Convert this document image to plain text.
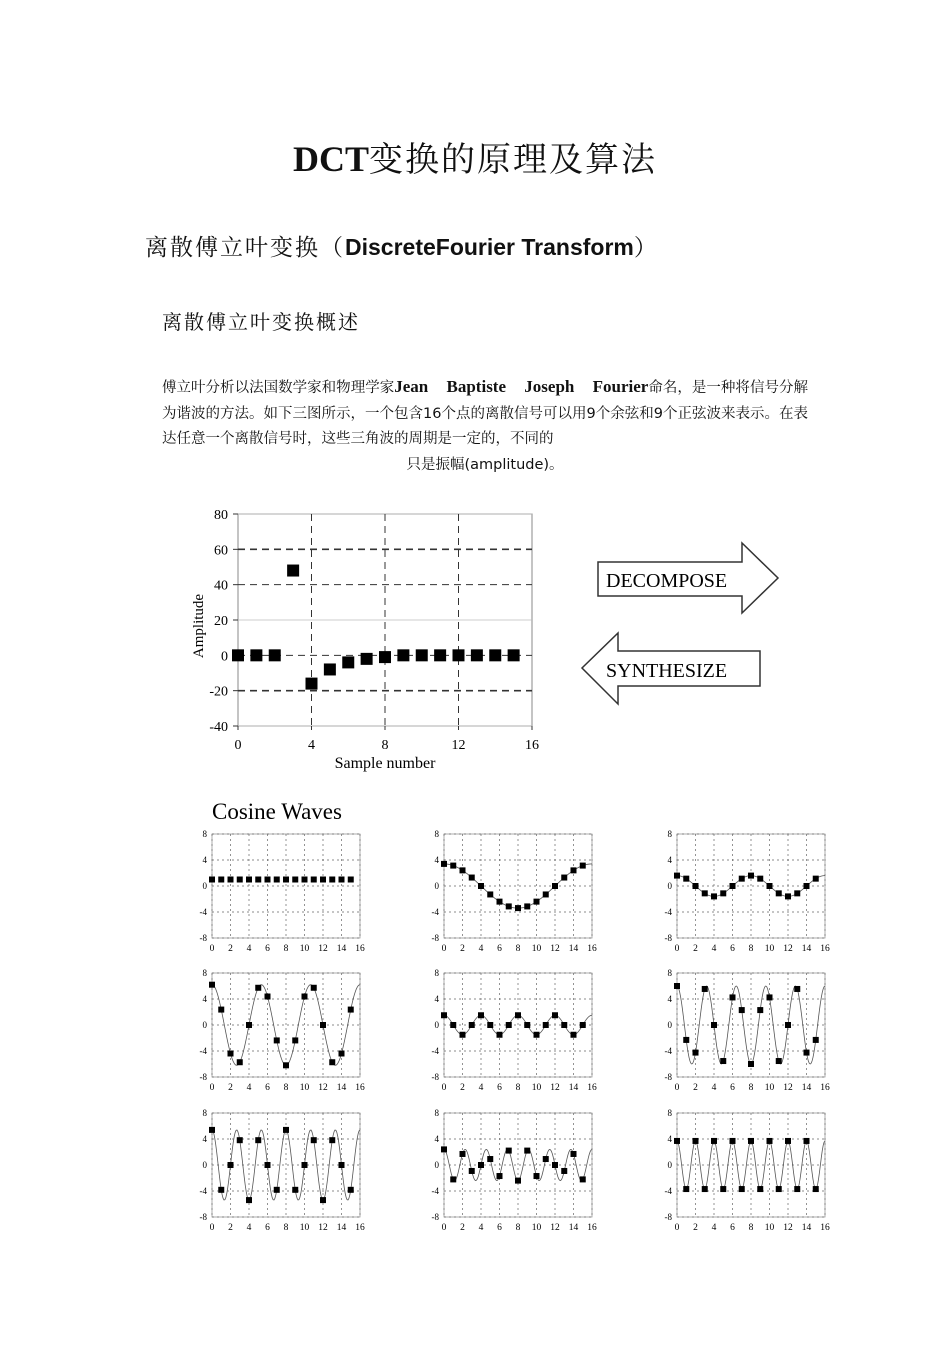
DCT变换的原理及算法
离散傅立叶变换（DiscreteFourier Transform）
离散傅立叶变换概述
傅立叶分析以法国数学家和物理学家Jean Baptiste Joseph Fourier命名，是一种将信号分解为谐波的方法。如下三图所示，一个包含16个点的离散信号可以用9个余弦和9个正弦波来表示。在表达任意一个离散信号时，这些三角波的周期是一定的，不同的
只是振幅(amplitude)。
80
60
40
20
0
-20
-40
0	4	8	12	16
Sample number
Amplitude
DECOMPOSE
SYNTHESIZE
Cosine Waves
8
4
0
-4
-8
0 2 4 6 8 10 12 14 16
8
4
0
-4
-8
0 2 4 6 8 10 12 14 16
8
4
0
-4
-8
0 2 4 6 8 10 12 14 16
8
4
0
-4
-8
0 2 4 6 8 10 12 14 16
8
4
0
-4
-8
0 2 4 6 8 10 12 14 16
8
4
0
-4
-8
0 2 4 6 8 10 12 14 16
8
4
0
-4
-8
0 2 4 6 8 10 12 14 16
8
4
0
-4
-8
0 2 4 6 8 10 12 14 16
8
4
0
-4
-8
0 2 4 6 8 10 12 14 16
